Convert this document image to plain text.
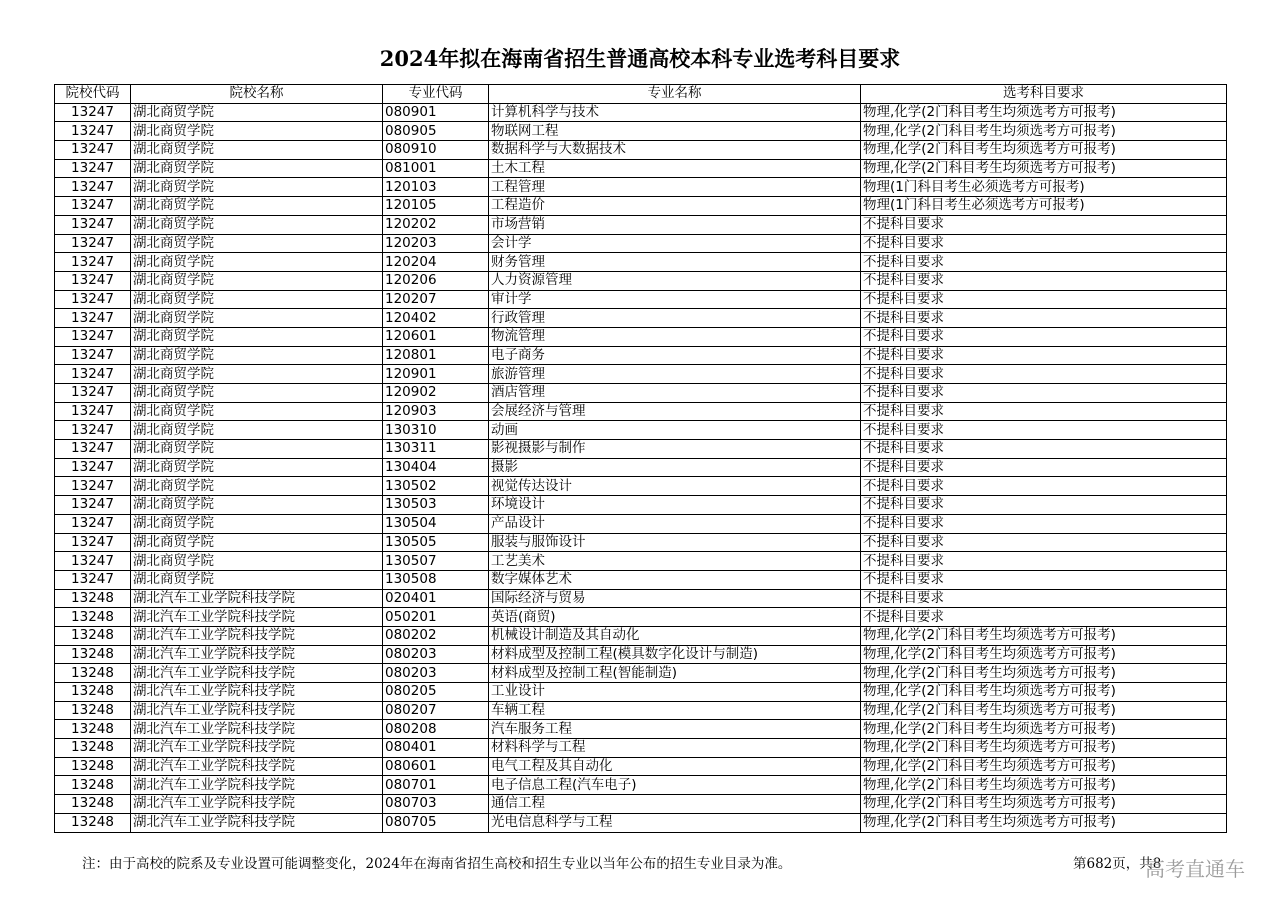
2024年拟在海南省招生普通高校本科专业选考科目要求
院校代码	院校名称	专业代码	专业名称	选考科目要求
13247	湖北商贸学院	080901	计算机科学与技术	物理,化学(2门科目考生均须选考方可报考)
13247	湖北商贸学院	080905	物联网工程	物理,化学(2门科目考生均须选考方可报考)
13247	湖北商贸学院	080910	数据科学与大数据技术	物理,化学(2门科目考生均须选考方可报考)
13247	湖北商贸学院	081001	土木工程	物理,化学(2门科目考生均须选考方可报考)
13247	湖北商贸学院	120103	工程管理	物理(1门科目考生必须选考方可报考)
13247	湖北商贸学院	120105	工程造价	物理(1门科目考生必须选考方可报考)
13247	湖北商贸学院	120202	市场营销	不提科目要求
13247	湖北商贸学院	120203	会计学	不提科目要求
13247	湖北商贸学院	120204	财务管理	不提科目要求
13247	湖北商贸学院	120206	人力资源管理	不提科目要求
13247	湖北商贸学院	120207	审计学	不提科目要求
13247	湖北商贸学院	120402	行政管理	不提科目要求
13247	湖北商贸学院	120601	物流管理	不提科目要求
13247	湖北商贸学院	120801	电子商务	不提科目要求
13247	湖北商贸学院	120901	旅游管理	不提科目要求
13247	湖北商贸学院	120902	酒店管理	不提科目要求
13247	湖北商贸学院	120903	会展经济与管理	不提科目要求
13247	湖北商贸学院	130310	动画	不提科目要求
13247	湖北商贸学院	130311	影视摄影与制作	不提科目要求
13247	湖北商贸学院	130404	摄影	不提科目要求
13247	湖北商贸学院	130502	视觉传达设计	不提科目要求
13247	湖北商贸学院	130503	环境设计	不提科目要求
13247	湖北商贸学院	130504	产品设计	不提科目要求
13247	湖北商贸学院	130505	服装与服饰设计	不提科目要求
13247	湖北商贸学院	130507	工艺美术	不提科目要求
13247	湖北商贸学院	130508	数字媒体艺术	不提科目要求
13248	湖北汽车工业学院科技学院	020401	国际经济与贸易	不提科目要求
13248	湖北汽车工业学院科技学院	050201	英语(商贸)	不提科目要求
13248	湖北汽车工业学院科技学院	080202	机械设计制造及其自动化	物理,化学(2门科目考生均须选考方可报考)
13248	湖北汽车工业学院科技学院	080203	材料成型及控制工程(模具数字化设计与制造)	物理,化学(2门科目考生均须选考方可报考)
13248	湖北汽车工业学院科技学院	080203	材料成型及控制工程(智能制造)	物理,化学(2门科目考生均须选考方可报考)
13248	湖北汽车工业学院科技学院	080205	工业设计	物理,化学(2门科目考生均须选考方可报考)
13248	湖北汽车工业学院科技学院	080207	车辆工程	物理,化学(2门科目考生均须选考方可报考)
13248	湖北汽车工业学院科技学院	080208	汽车服务工程	物理,化学(2门科目考生均须选考方可报考)
13248	湖北汽车工业学院科技学院	080401	材料科学与工程	物理,化学(2门科目考生均须选考方可报考)
13248	湖北汽车工业学院科技学院	080601	电气工程及其自动化	物理,化学(2门科目考生均须选考方可报考)
13248	湖北汽车工业学院科技学院	080701	电子信息工程(汽车电子)	物理,化学(2门科目考生均须选考方可报考)
13248	湖北汽车工业学院科技学院	080703	通信工程	物理,化学(2门科目考生均须选考方可报考)
13248	湖北汽车工业学院科技学院	080705	光电信息科学与工程	物理,化学(2门科目考生均须选考方可报考)
注：由于高校的院系及专业设置可能调整变化，2024年在海南省招生高校和招生专业以当年公布的招生专业目录为准。	第682页，共8
高考直通车
